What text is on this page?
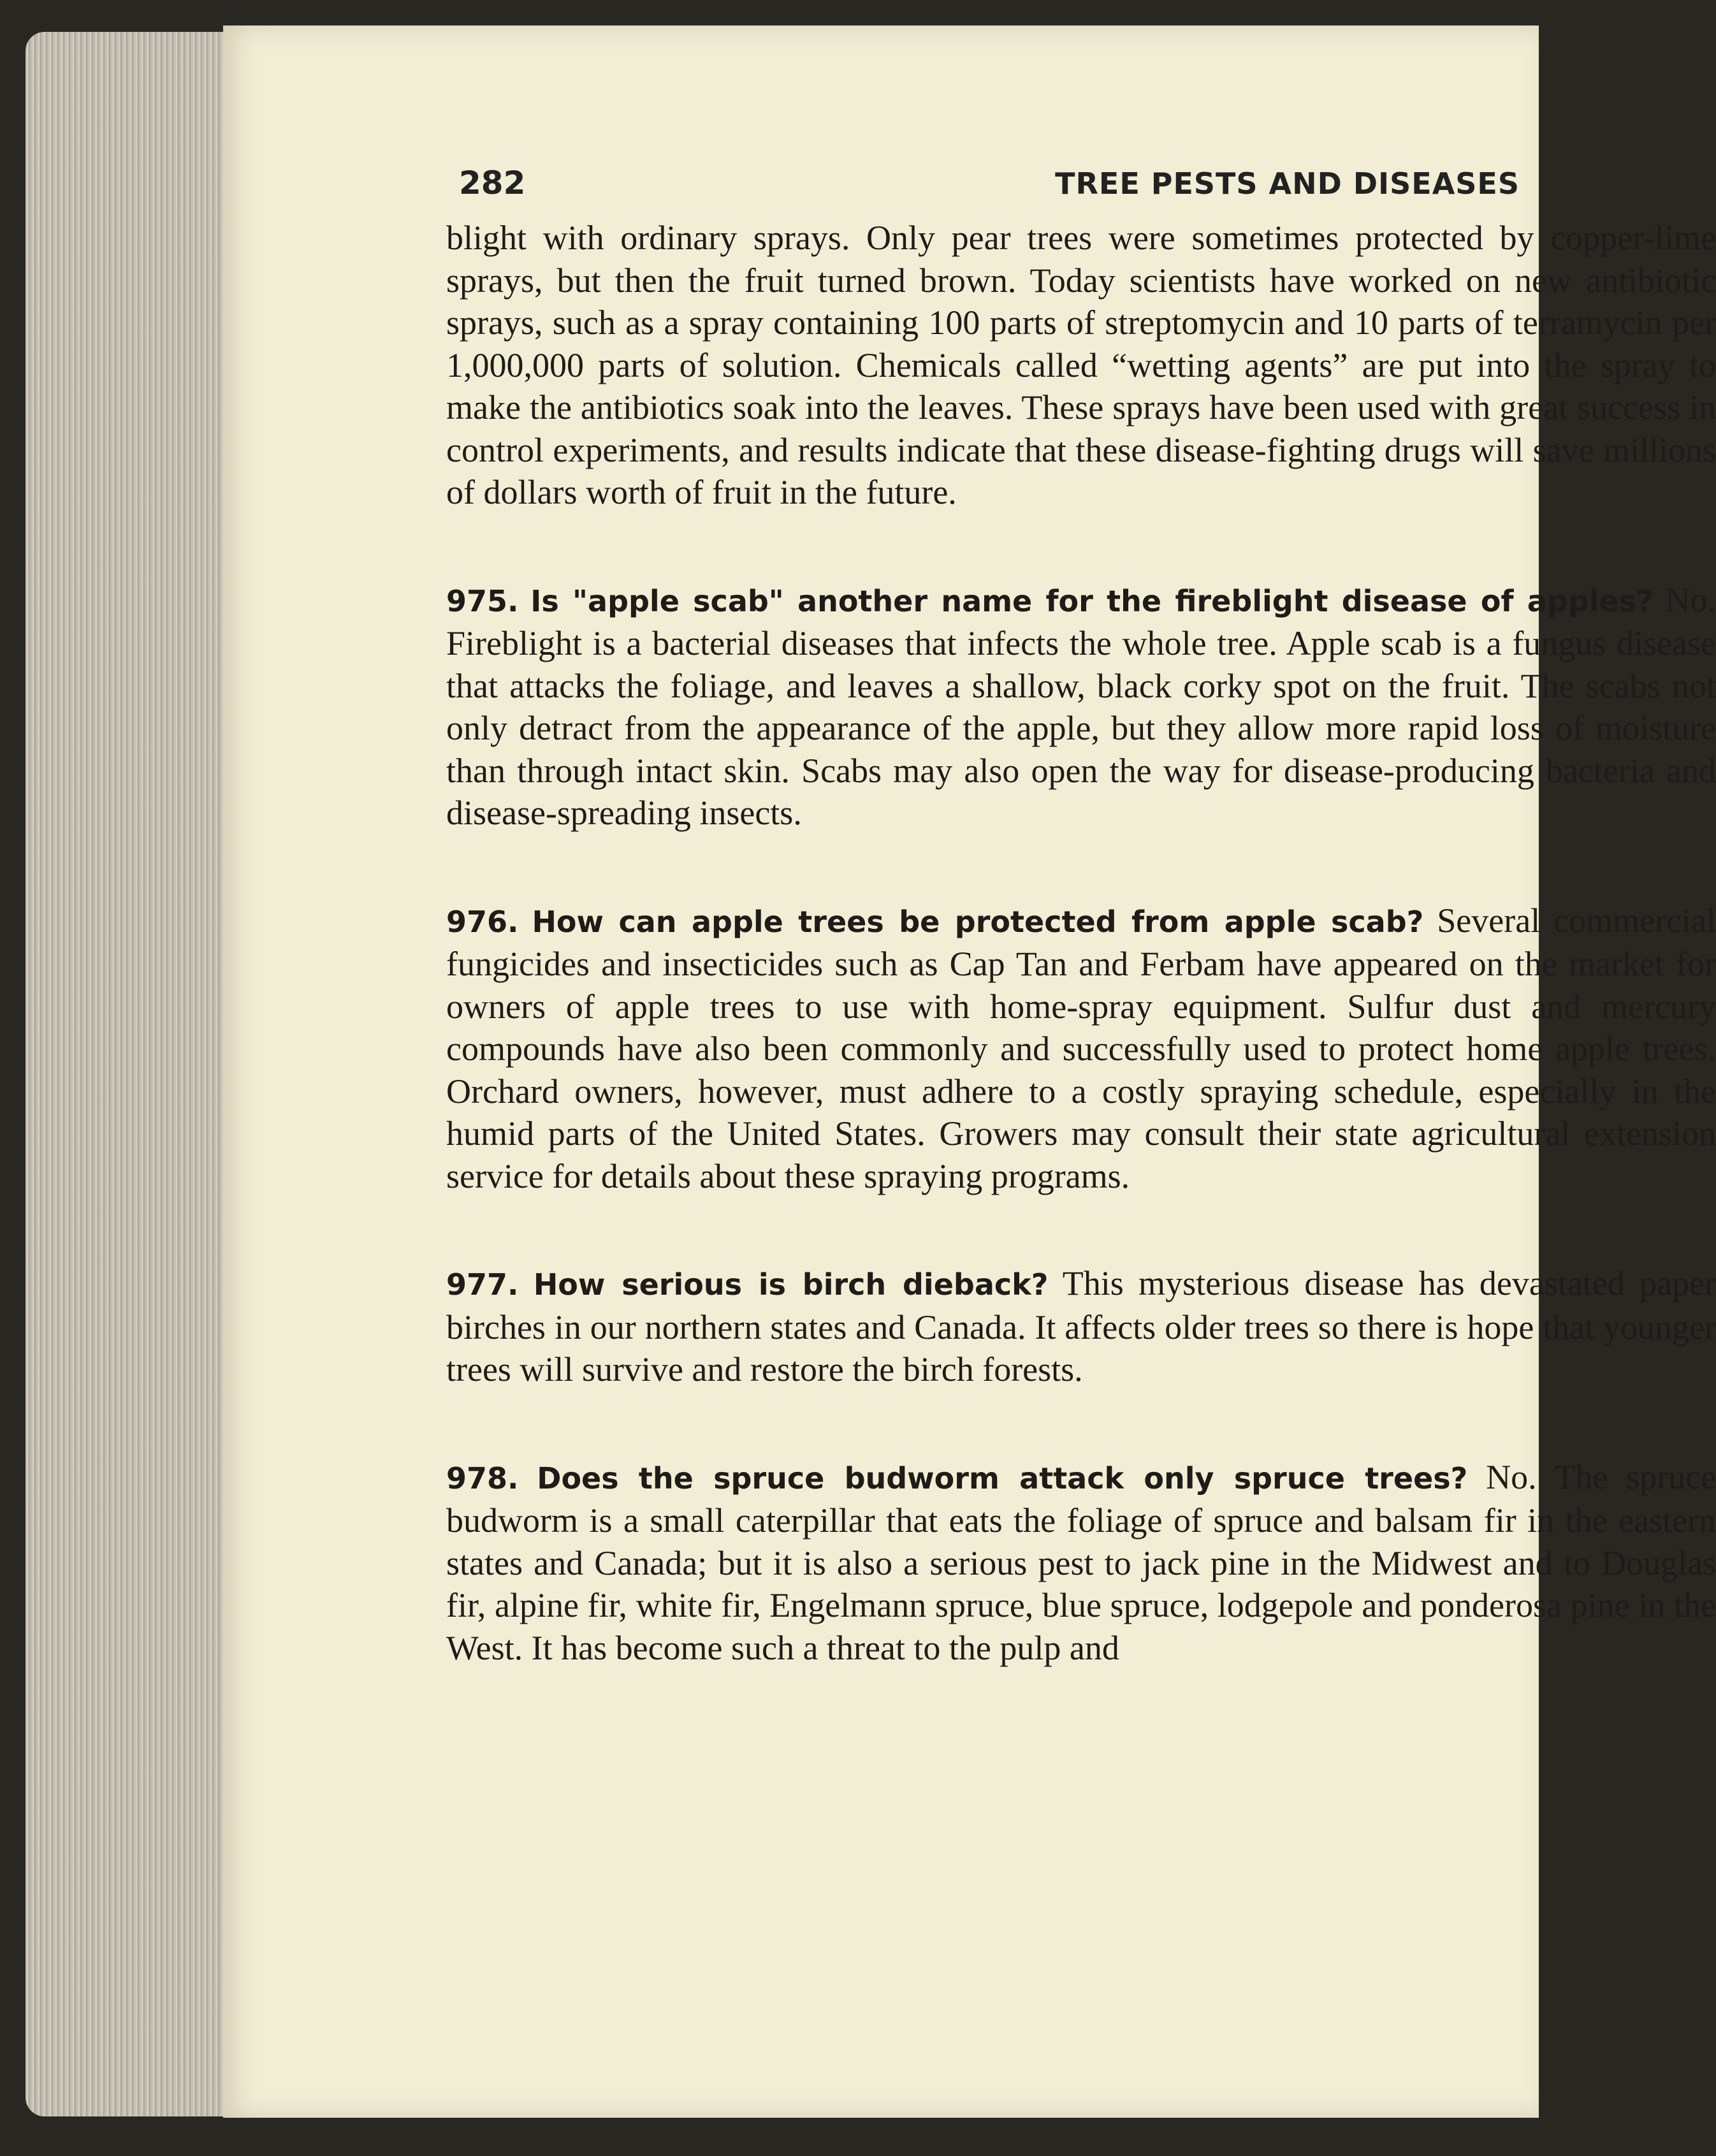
282	TREE PESTS AND DISEASES

blight with ordinary sprays. Only pear trees were sometimes protected by copper-lime sprays, but then the fruit turned brown. Today scientists have worked on new antibiotic sprays, such as a spray containing 100 parts of streptomycin and 10 parts of terramycin per 1,000,000 parts of solution. Chemicals called “wetting agents” are put into the spray to make the antibiotics soak into the leaves. These sprays have been used with great success in control experiments, and results indicate that these disease-fighting drugs will save millions of dollars worth of fruit in the future.

975. Is "apple scab" another name for the fireblight disease of apples? No. Fireblight is a bacterial diseases that infects the whole tree. Apple scab is a fungus disease that attacks the foliage, and leaves a shallow, black corky spot on the fruit. The scabs not only detract from the appearance of the apple, but they allow more rapid loss of moisture than through intact skin. Scabs may also open the way for disease-producing bacteria and disease-spreading insects.

976. How can apple trees be protected from apple scab? Several commercial fungicides and insecticides such as Cap Tan and Ferbam have appeared on the market for owners of apple trees to use with home-spray equipment. Sulfur dust and mercury compounds have also been commonly and successfully used to protect home apple trees. Orchard owners, however, must adhere to a costly spraying schedule, especially in the humid parts of the United States. Growers may consult their state agricultural extension service for details about these spraying programs.

977. How serious is birch dieback? This mysterious disease has devastated paper birches in our northern states and Canada. It affects older trees so there is hope that younger trees will survive and restore the birch forests.

978. Does the spruce budworm attack only spruce trees? No. The spruce budworm is a small caterpillar that eats the foliage of spruce and balsam fir in the eastern states and Canada; but it is also a serious pest to jack pine in the Midwest and to Douglas fir, alpine fir, white fir, Engelmann spruce, blue spruce, lodgepole and ponderosa pine in the West. It has become such a threat to the pulp and
